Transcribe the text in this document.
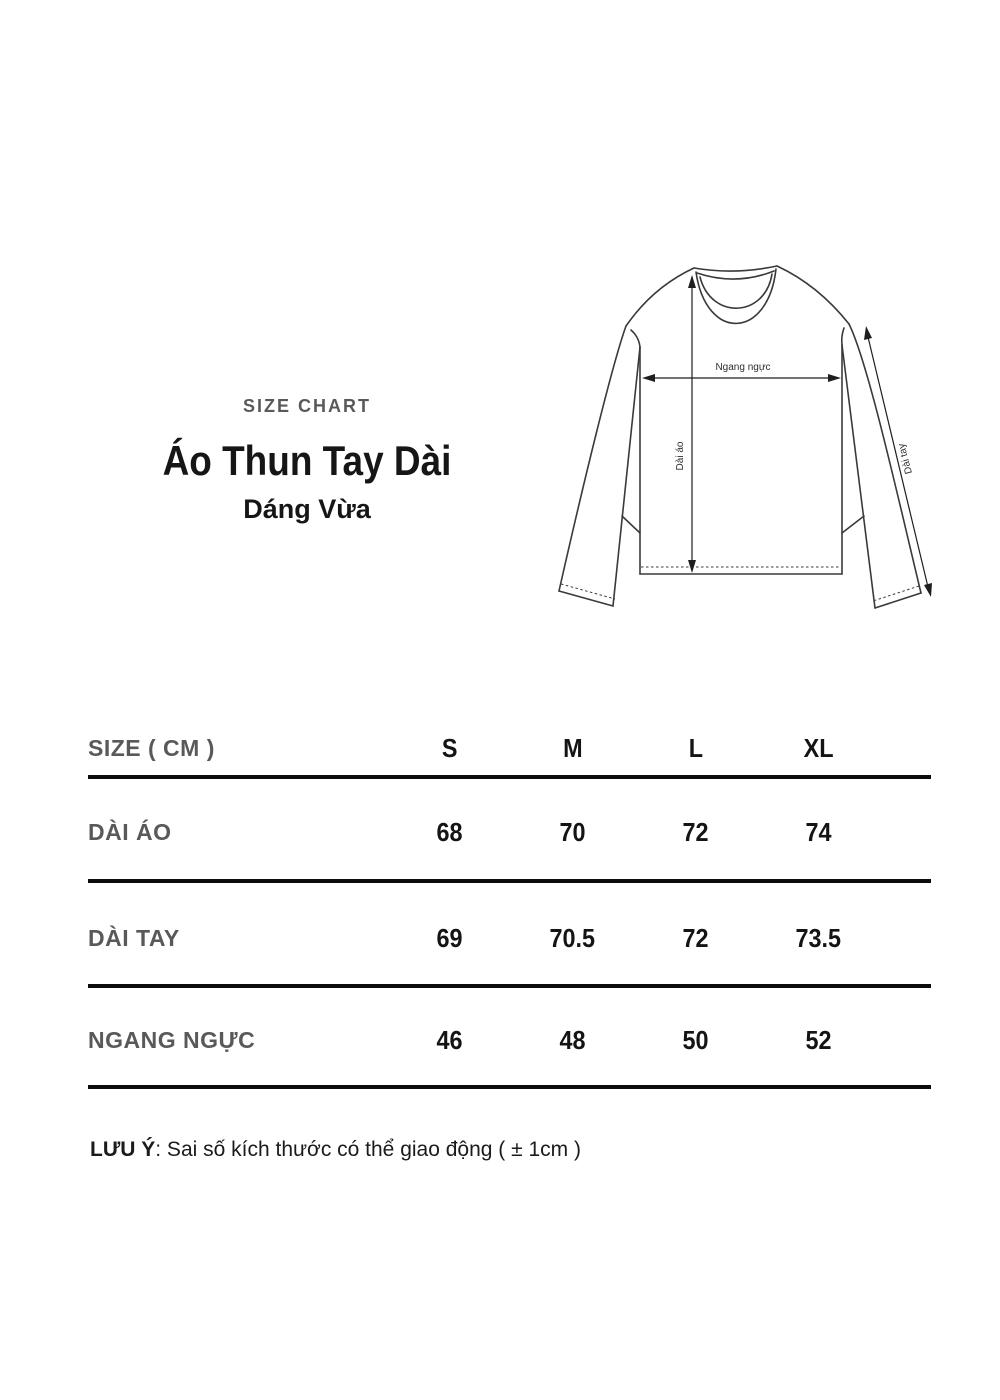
SIZE CHART
Áo Thun Tay Dài
Dáng Vừa
Ngang ngực
Dài áo	Dài tay
SIZE ( CM )	S	M	L	XL
DÀI ÁO	68	70	72	74
DÀI TAY	69	70.5	72	73.5
NGANG NGỰC	46	48	50	52
LƯU Ý: Sai số kích thước có thể giao động ( ± 1cm )
